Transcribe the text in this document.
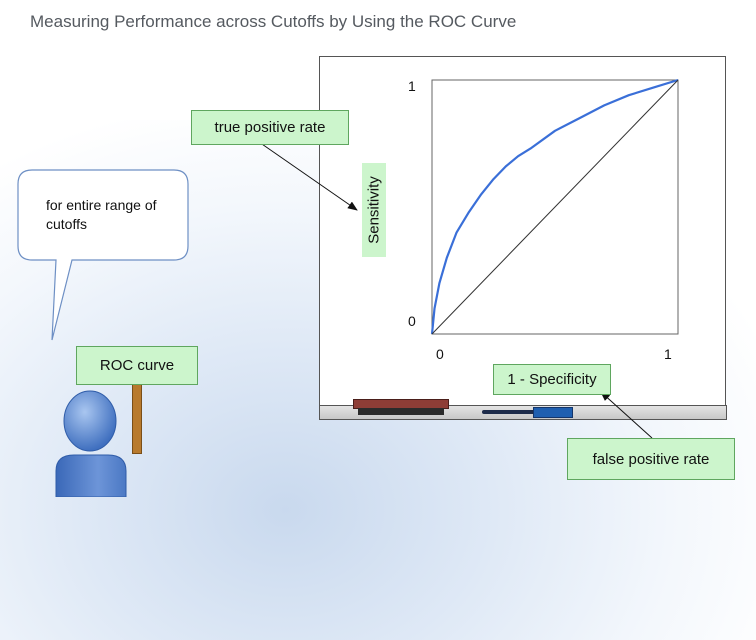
Measuring Performance across Cutoffs by Using the ROC Curve
1
0
0	1
Sensitivity
1 - Specificity
true positive rate
false positive rate
for entire range of cutoffs
ROC curve
